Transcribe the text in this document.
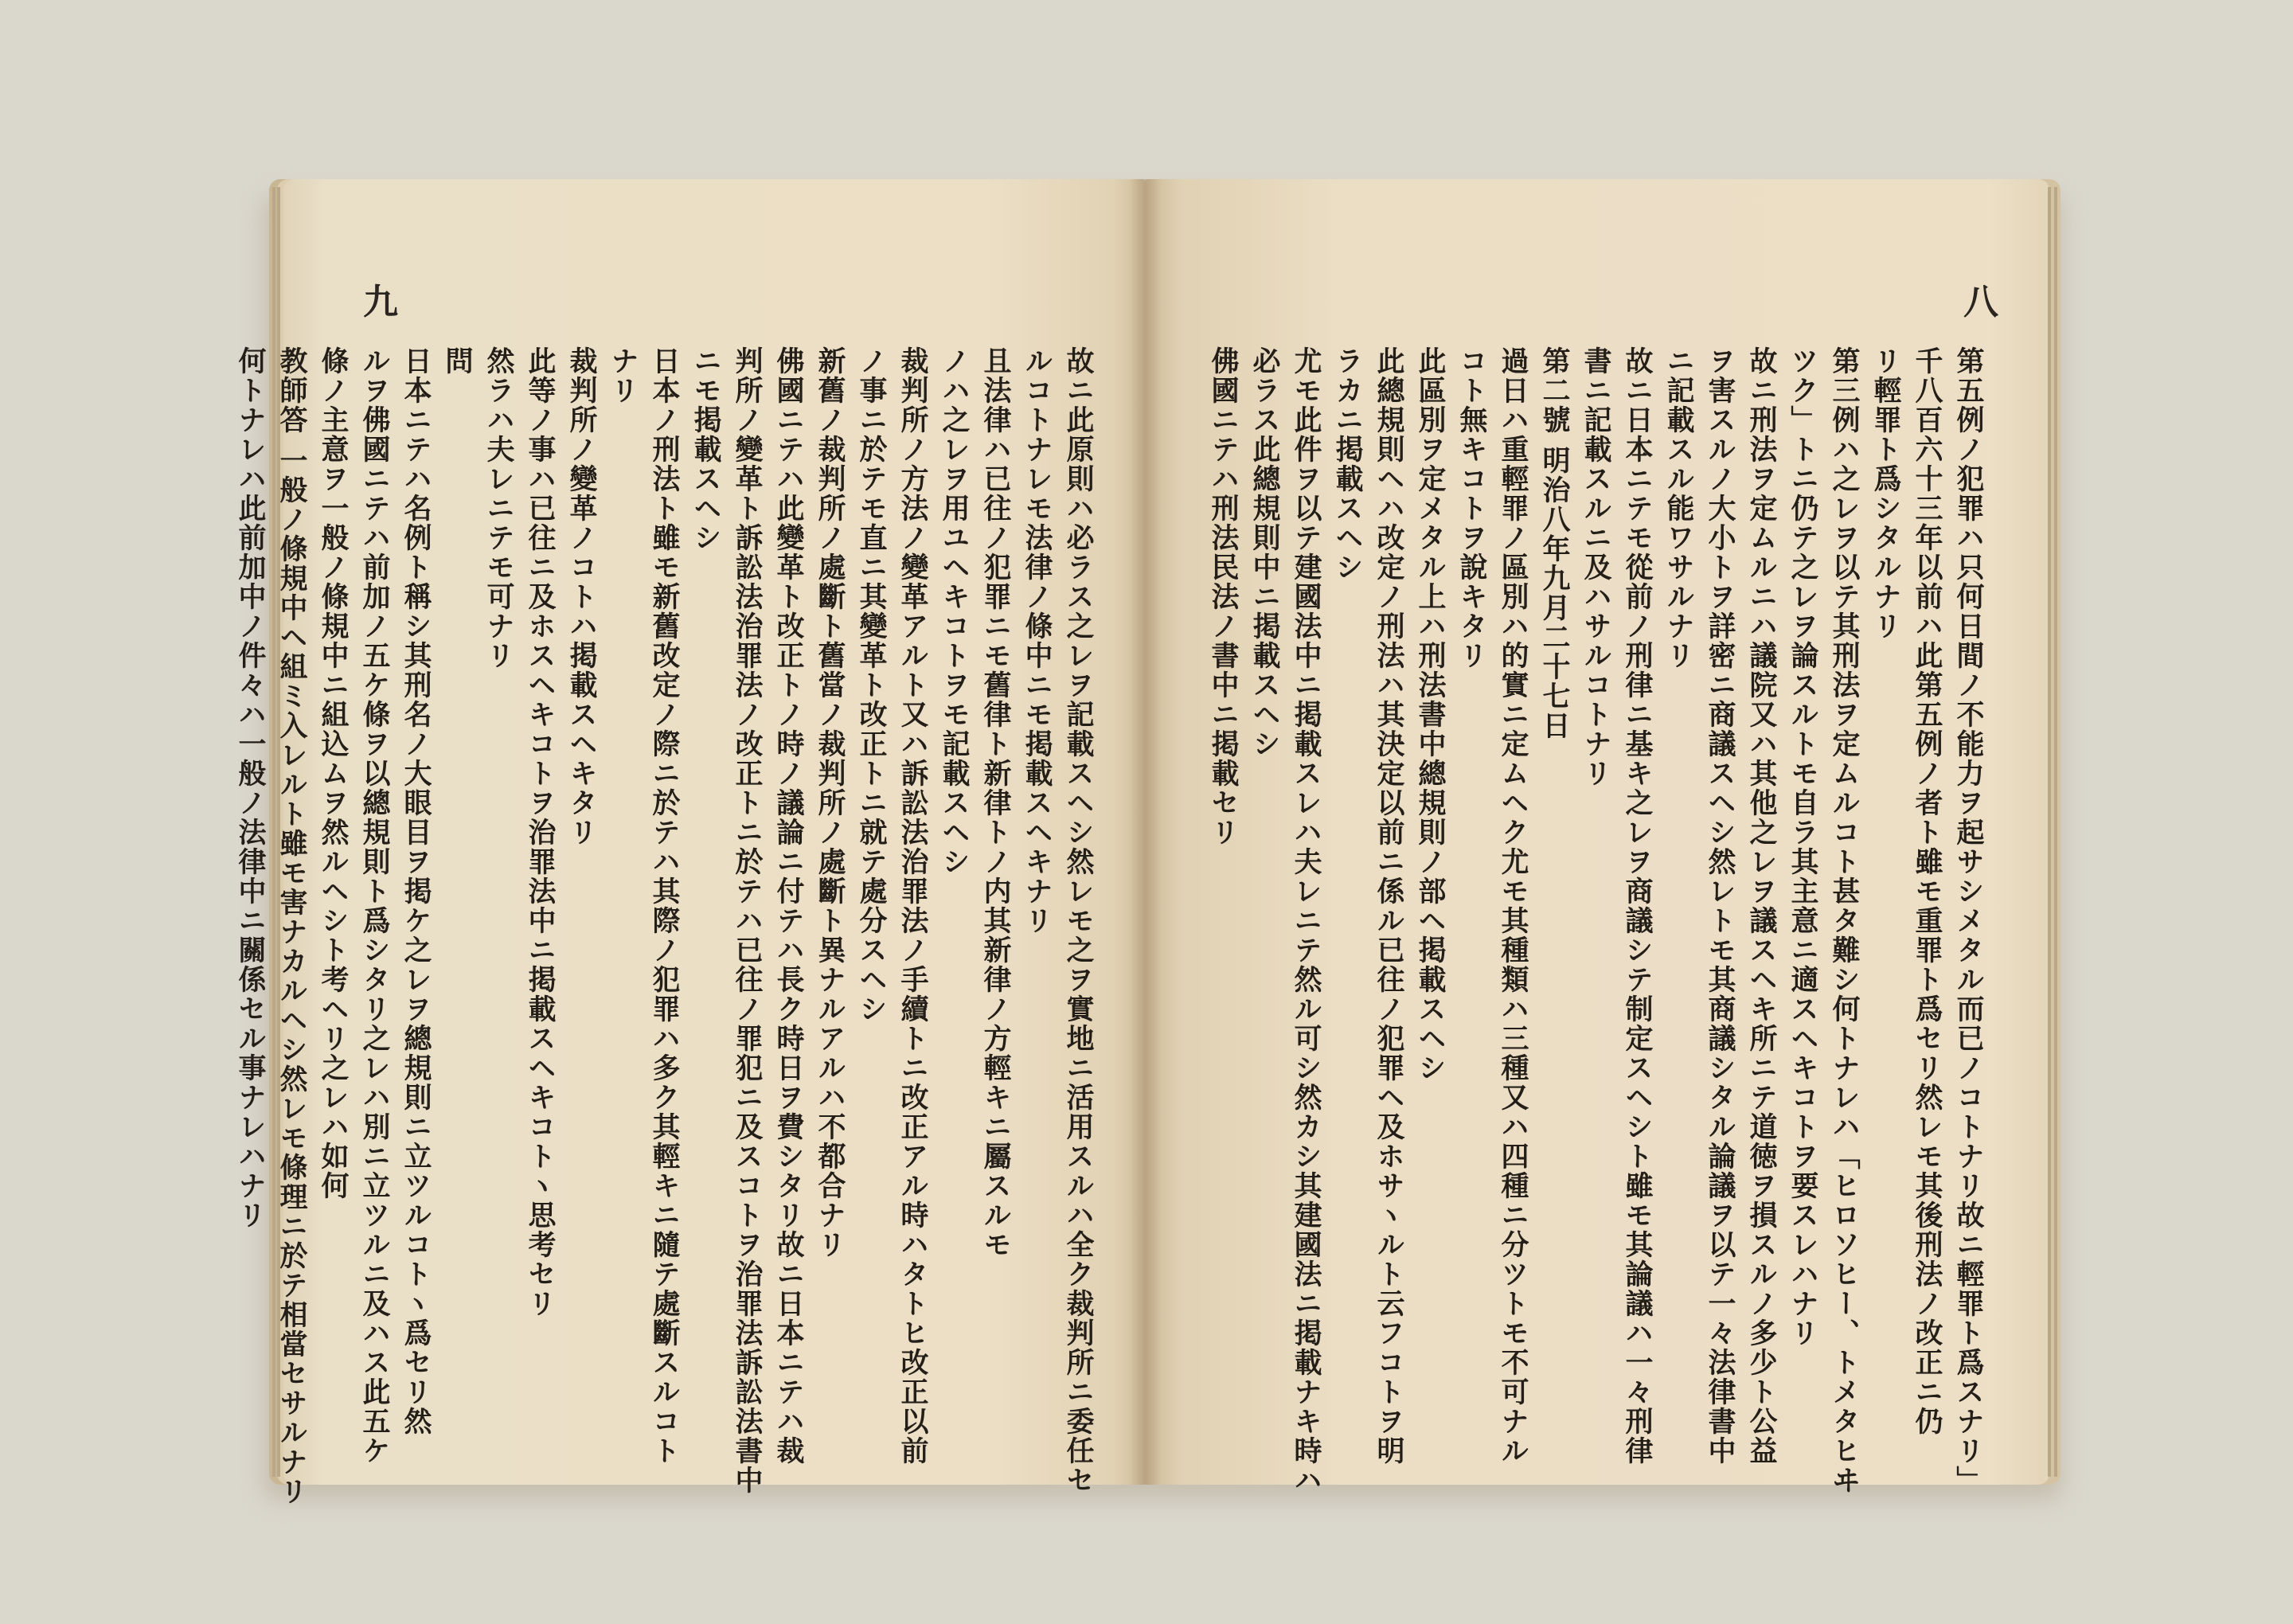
九

故ニ此原則ハ必ラス之レヲ記載スヘシ然レモ之ヲ實地ニ活用スルハ全ク裁判所ニ委任セ

ルコトナレモ法律ノ條中ニモ掲載スヘキナリ

且法律ハ已往ノ犯罪ニモ舊律ト新律トノ内其新律ノ方輕キニ屬スルモ

ノハ之レヲ用ユヘキコトヲモ記載スヘシ

裁判所ノ方法ノ變革アルト又ハ訴訟法治罪法ノ手續トニ改正アル時ハタトヒ改正以前

ノ事ニ於テモ直ニ其變革ト改正トニ就テ處分スヘシ

新舊ノ裁判所ノ處斷ト舊當ノ裁判所ノ處斷ト異ナルアルハ不都合ナリ

佛國ニテハ此變革ト改正トノ時ノ議論ニ付テハ長ク時日ヲ費シタリ故ニ日本ニテハ裁

判所ノ變革ト訴訟法治罪法ノ改正トニ於テハ已往ノ罪犯ニ及スコトヲ治罪法訴訟法書中

ニモ掲載スヘシ

日本ノ刑法ト雖モ新舊改定ノ際ニ於テハ其際ノ犯罪ハ多ク其輕キニ隨テ處斷スルコト

ナリ

裁判所ノ變革ノコトハ掲載スヘキタリ

此等ノ事ハ已往ニ及ホスヘキコトヲ治罪法中ニ掲載スヘキコトヽ思考セリ

然ラハ夫レニテモ可ナリ

問

日本ニテハ名例ト稱シ其刑名ノ大眼目ヲ掲ケ之レヲ總規則ニ立ツルコトヽ爲セリ然

ルヲ佛國ニテハ前加ノ五ケ條ヲ以總規則ト爲シタリ之レハ別ニ立ツルニ及ハス此五ケ

條ノ主意ヲ一般ノ條規中ニ組込ムヲ然ルヘシト考ヘリ之レハ如何

教師答 一般ノ條規中ヘ組ミ入レルト雖モ害ナカルヘシ然レモ條理ニ於テ相當セサルナリ

何トナレハ此前加中ノ件々ハ一般ノ法律中ニ關係セル事ナレハナリ

八

第五例ノ犯罪ハ只何日間ノ不能力ヲ起サシメタル而已ノコトナリ故ニ輕罪ト爲スナリ」

千八百六十三年以前ハ此第五例ノ者ト雖モ重罪ト爲セリ然レモ其後刑法ノ改正ニ仍

リ輕罪ト爲シタルナリ

第三例ハ之レヲ以テ其刑法ヲ定ムルコト甚タ難シ何トナレハ「ヒロソヒー、トメタヒヰ

ツク」トニ仍テ之レヲ論スルトモ自ラ其主意ニ適スヘキコトヲ要スレハナリ

故ニ刑法ヲ定ムルニハ議院又ハ其他之レヲ議スヘキ所ニテ道徳ヲ損スルノ多少ト公益

ヲ害スルノ大小トヲ詳密ニ商議スヘシ然レトモ其商議シタル論議ヲ以テ一々法律書中

ニ記載スル能ワサルナリ

故ニ日本ニテモ從前ノ刑律ニ基キ之レヲ商議シテ制定スヘシト雖モ其論議ハ一々刑律

書ニ記載スルニ及ハサルコトナリ

第二號 明治八年九月二十七日

過日ハ重輕罪ノ區別ハ的實ニ定ムヘク尤モ其種類ハ三種又ハ四種ニ分ツトモ不可ナル

コト無キコトヲ說キタリ

此區別ヲ定メタル上ハ刑法書中總規則ノ部ヘ掲載スヘシ

此總規則ヘハ改定ノ刑法ハ其決定以前ニ係ル已往ノ犯罪ヘ及ホサヽルト云フコトヲ明

ラカニ掲載スヘシ

尤モ此件ヲ以テ建國法中ニ掲載スレハ夫レニテ然ル可シ然カシ其建國法ニ掲載ナキ時ハ

必ラス此總規則中ニ掲載スヘシ

佛國ニテハ刑法民法ノ書中ニ掲載セリ
